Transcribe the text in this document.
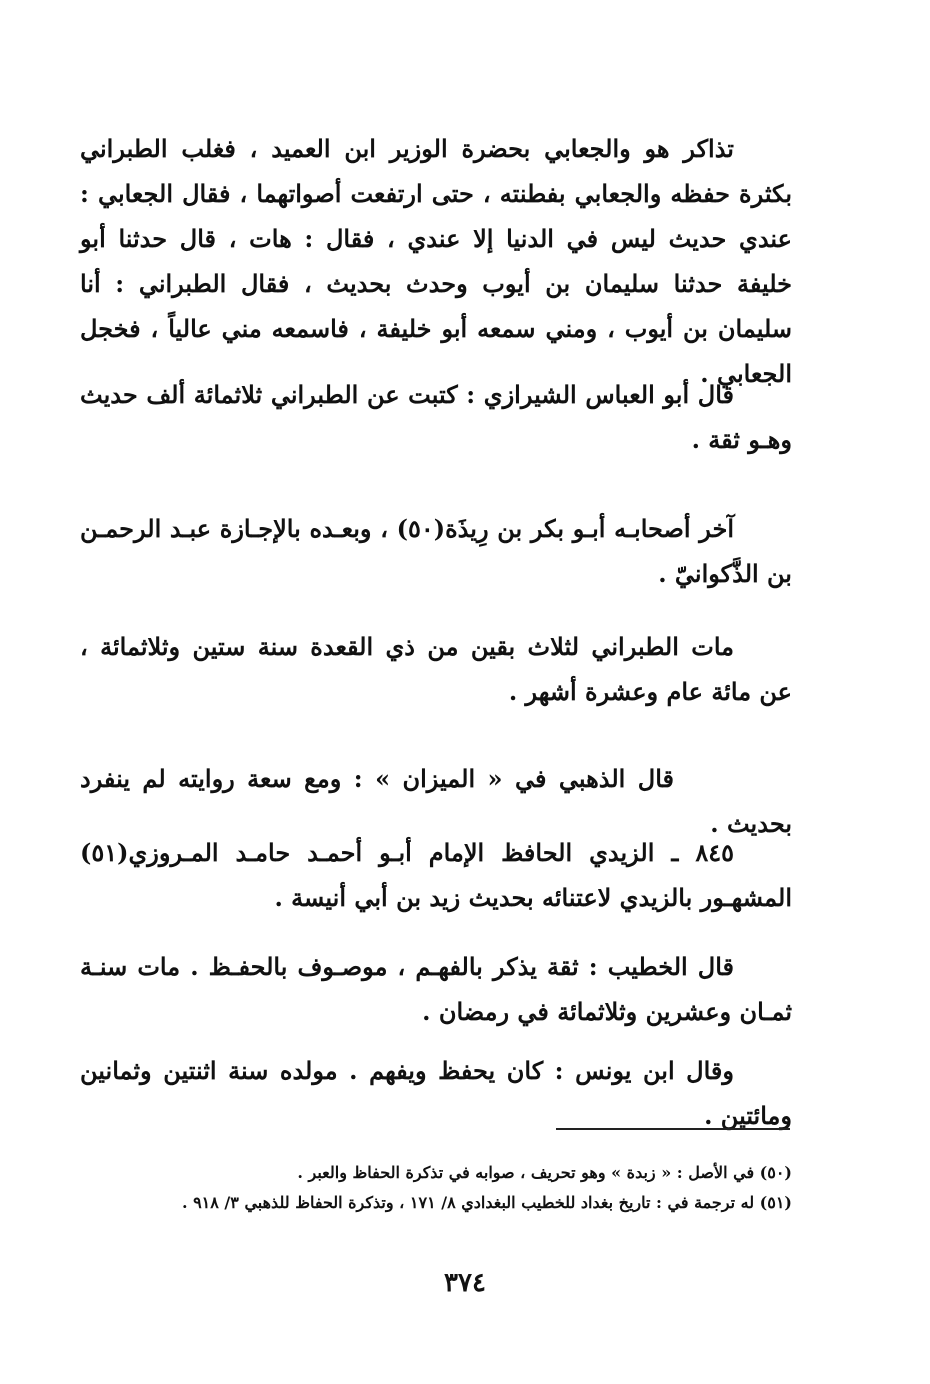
تذاكر هو والجعابي بحضرة الوزير ابن العميد ، فغلب الطبراني بكثرة حفظه والجعابي بفطنته ، حتى ارتفعت أصواتهما ، فقال الجعابي : عندي حديث ليس في الدنيا إلا عندي ، فقال : هات ، قال حدثنا أبو خليفة حدثنا سليمان بن أيوب وحدث بحديث ، فقال الطبراني : أنا سليمان بن أيوب ، ومني سمعه أبو خليفة ، فاسمعه مني عالياً ، فخجل الجعابي .

قال أبو العباس الشيرازي : كتبت عن الطبراني ثلاثمائة ألف حديث وهـو ثقة .

آخر أصحابـه أبـو بكر بن رِيذَة(٥٠) ، وبعـده بالإجـازة عبـد الرحمـن بن الذَّكوانيّ .

مات الطبراني لثلاث بقين من ذي القعدة سنة ستين وثلاثمائة ، عن مائة عام وعشرة أشهر .

قال الذهبي في « الميزان » : ومع سعة روايته لم ينفرد بحديث .

٨٤٥ ـ الزيدي الحافظ الإمام أبـو أحمـد حامـد المـروزي(٥١) المشهـور بالزيدي لاعتنائه بحديث زيد بن أبي أنيسة .

قال الخطيب : ثقة يذكر بالفهـم ، موصـوف بالحفـظ . مات سنـة ثمـان وعشرين وثلاثمائة في رمضان .

وقال ابن يونس : كان يحفظ ويفهم . مولده سنة اثنتين وثمانين ومائتين .

(٥٠) في الأصل : « زبدة » وهو تحريف ، صوابه في تذكرة الحفاظ والعبر .
(٥١) له ترجمة في : تاريخ بغداد للخطيب البغدادي ٨/ ١٧١ ، وتذكرة الحفاظ للذهبي ٣/ ٩١٨ .
٣٧٤
